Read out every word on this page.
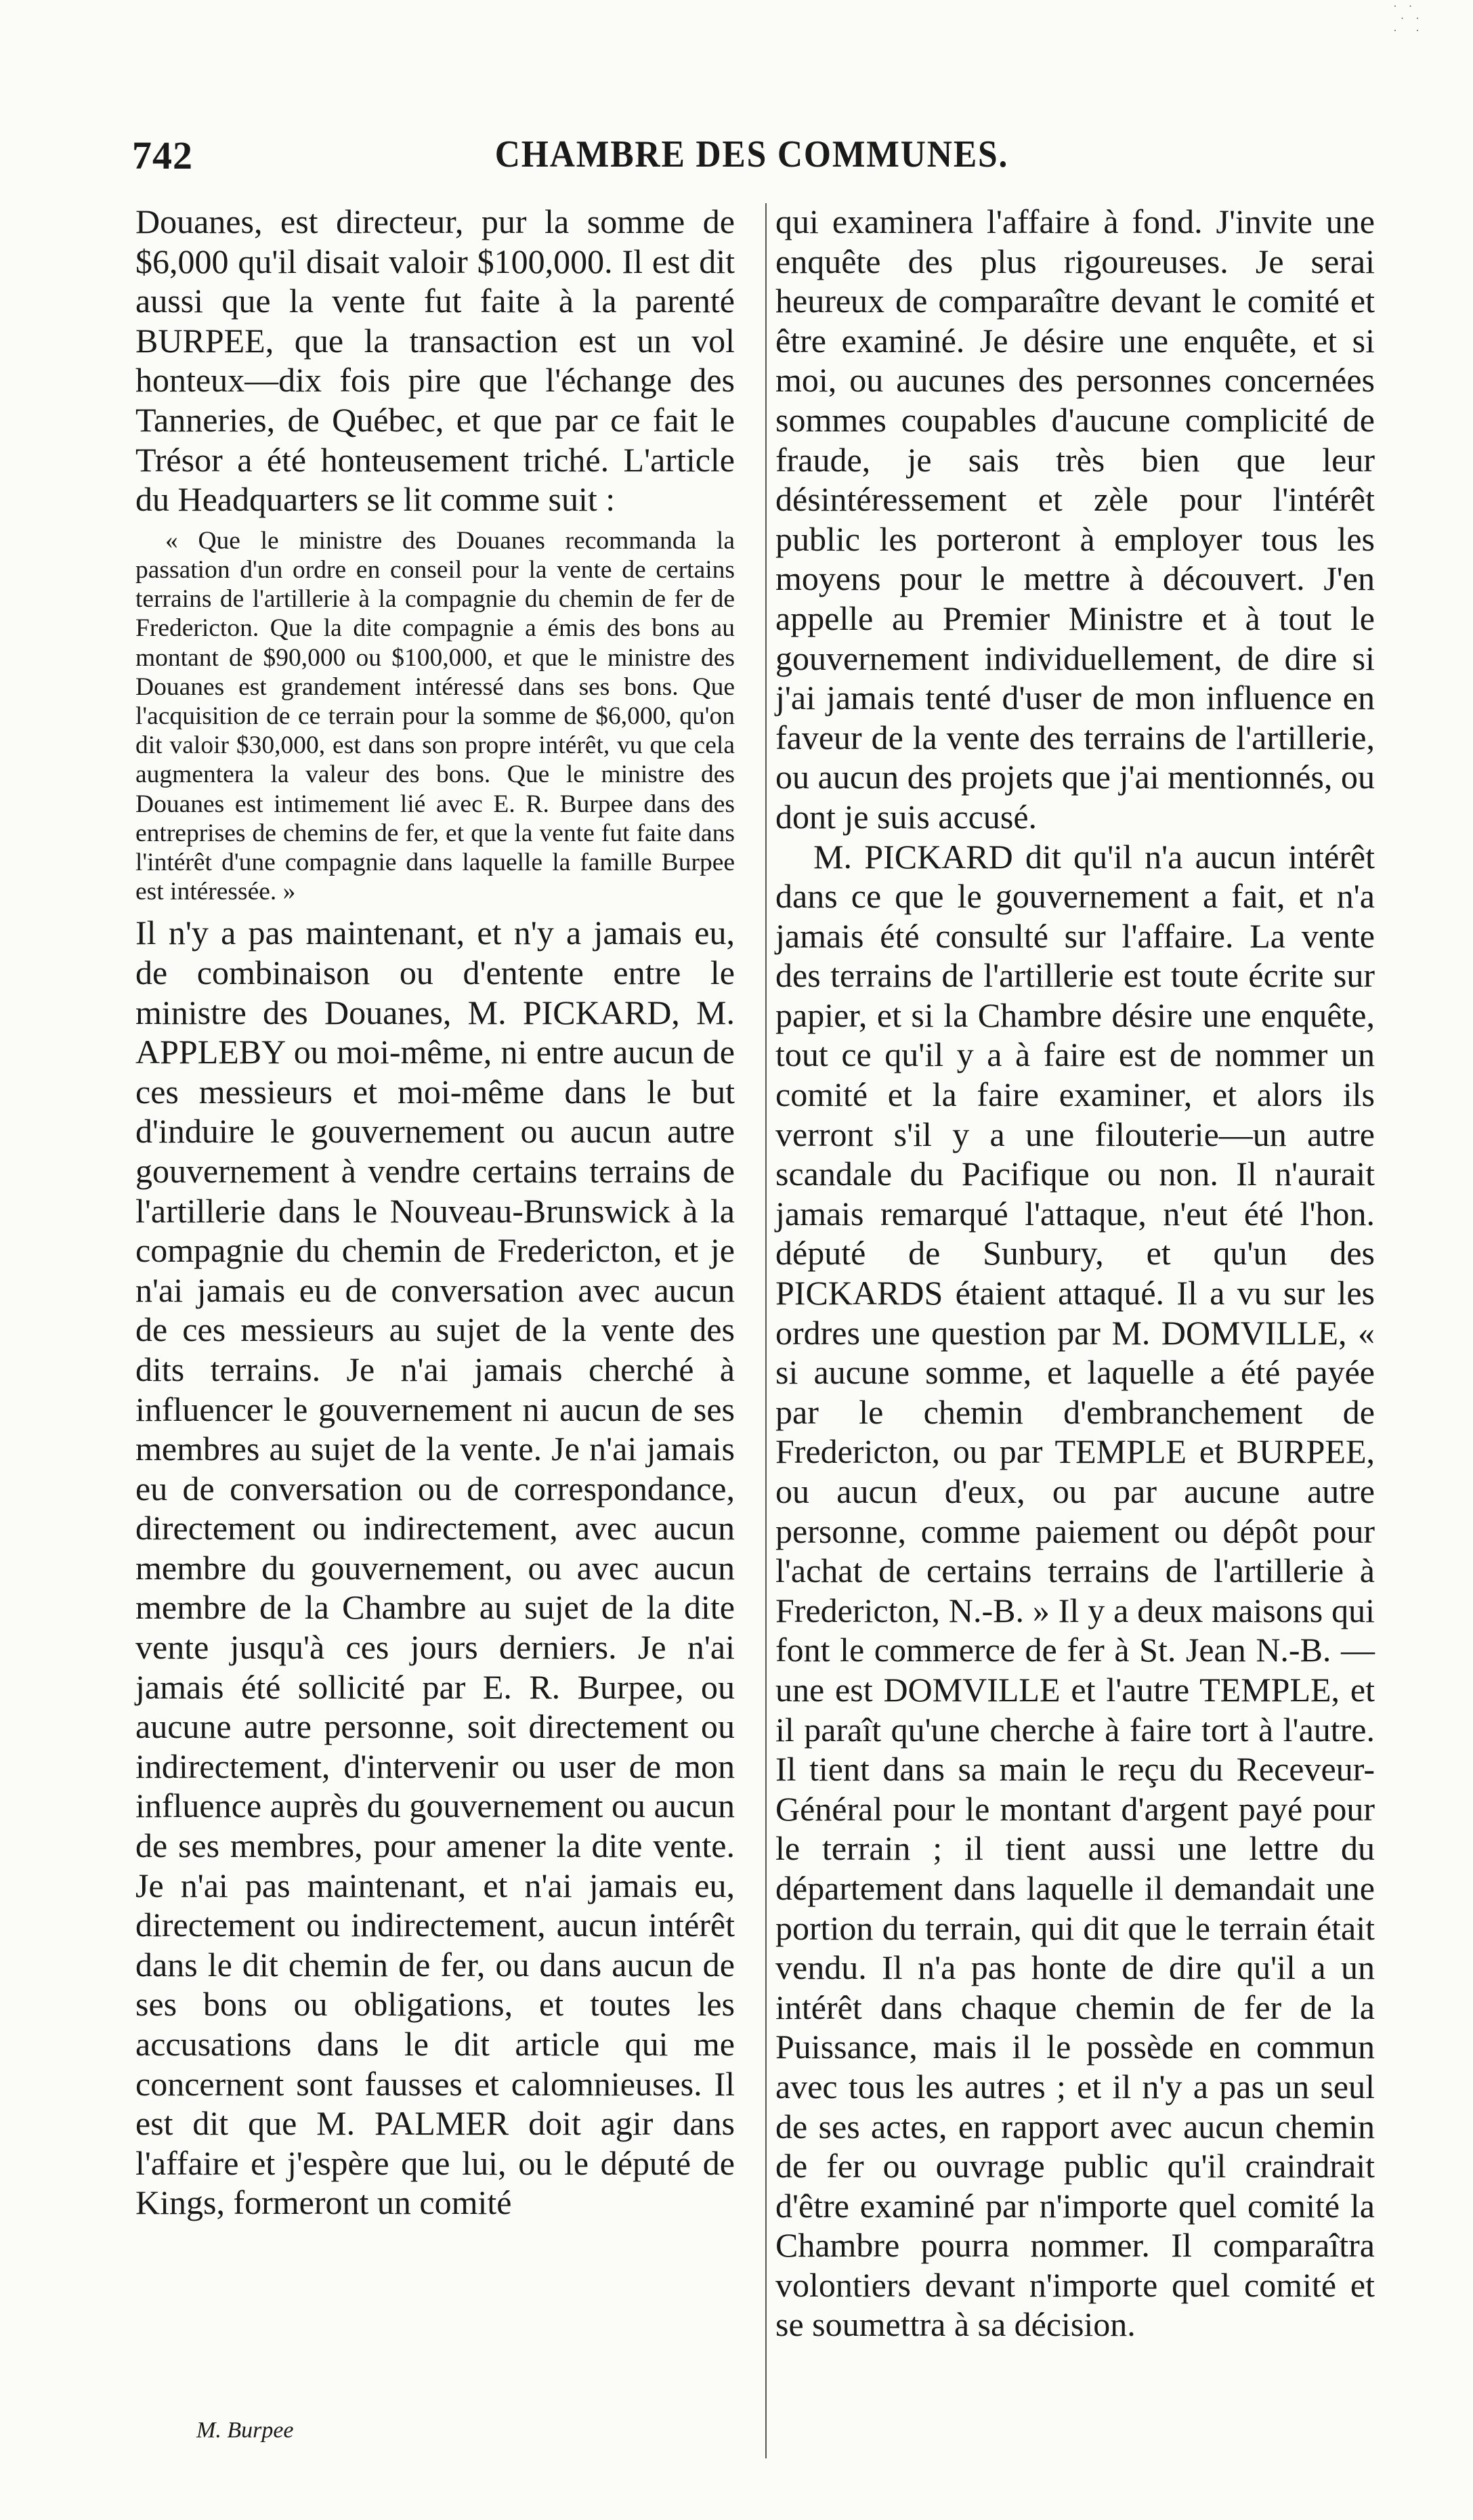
742	CHAMBRE DES COMMUNES.
· ·
· ·
·  ·

Douanes, est directeur, pur la somme de $6,000 qu'il disait valoir $100,000. Il est dit aussi que la vente fut faite à la parenté BURPEE, que la transaction est un vol honteux—dix fois pire que l'échange des Tanneries, de Québec, et que par ce fait le Trésor a été honteusement triché. L'article du Headquarters se lit comme suit :

« Que le ministre des Douanes recommanda la passation d'un ordre en conseil pour la vente de certains terrains de l'artillerie à la compagnie du chemin de fer de Fredericton. Que la dite compagnie a émis des bons au montant de $90,000 ou $100,000, et que le ministre des Douanes est grandement intéressé dans ses bons. Que l'acquisition de ce terrain pour la somme de $6,000, qu'on dit valoir $30,000, est dans son propre intérêt, vu que cela augmentera la valeur des bons. Que le ministre des Douanes est intimement lié avec E. R. Burpee dans des entreprises de chemins de fer, et que la vente fut faite dans l'intérêt d'une compagnie dans laquelle la famille Burpee est intéressée. »

Il n'y a pas maintenant, et n'y a jamais eu, de combinaison ou d'entente entre le ministre des Douanes, M. PICKARD, M. APPLEBY ou moi-même, ni entre aucun de ces messieurs et moi-même dans le but d'induire le gouvernement ou aucun autre gouvernement à vendre certains terrains de l'artillerie dans le Nouveau-Brunswick à la compagnie du chemin de Fredericton, et je n'ai jamais eu de conversation avec aucun de ces messieurs au sujet de la vente des dits terrains. Je n'ai jamais cherché à influencer le gouvernement ni aucun de ses membres au sujet de la vente. Je n'ai jamais eu de conversation ou de correspondance, directement ou indirectement, avec aucun membre du gouvernement, ou avec aucun membre de la Chambre au sujet de la dite vente jusqu'à ces jours derniers. Je n'ai jamais été sollicité par E. R. Burpee, ou aucune autre personne, soit directement ou indirectement, d'intervenir ou user de mon influence auprès du gouvernement ou aucun de ses membres, pour amener la dite vente. Je n'ai pas maintenant, et n'ai jamais eu, directement ou indirectement, aucun intérêt dans le dit chemin de fer, ou dans aucun de ses bons ou obligations, et toutes les accusations dans le dit article qui me concernent sont fausses et calomnieuses. Il est dit que M. PALMER doit agir dans l'affaire et j'espère que lui, ou le député de Kings, formeront un comité

qui examinera l'affaire à fond. J'invite une enquête des plus rigoureuses. Je serai heureux de comparaître devant le comité et être examiné. Je désire une enquête, et si moi, ou aucunes des personnes concernées sommes coupables d'aucune complicité de fraude, je sais très bien que leur désintéressement et zèle pour l'intérêt public les porteront à employer tous les moyens pour le mettre à découvert. J'en appelle au Premier Ministre et à tout le gouvernement individuellement, de dire si j'ai jamais tenté d'user de mon influence en faveur de la vente des terrains de l'artillerie, ou aucun des projets que j'ai mentionnés, ou dont je suis accusé.

M. PICKARD dit qu'il n'a aucun intérêt dans ce que le gouvernement a fait, et n'a jamais été consulté sur l'affaire. La vente des terrains de l'artillerie est toute écrite sur papier, et si la Chambre désire une enquête, tout ce qu'il y a à faire est de nommer un comité et la faire examiner, et alors ils verront s'il y a une filouterie—un autre scandale du Pacifique ou non. Il n'aurait jamais remarqué l'attaque, n'eut été l'hon. député de Sunbury, et qu'un des PICKARDS étaient attaqué. Il a vu sur les ordres une question par M. DOMVILLE, « si aucune somme, et laquelle a été payée par le chemin d'embranchement de Fredericton, ou par TEMPLE et BURPEE, ou aucun d'eux, ou par aucune autre personne, comme paiement ou dépôt pour l'achat de certains terrains de l'artillerie à Fredericton, N.-B. » Il y a deux maisons qui font le commerce de fer à St. Jean N.-B. —une est DOMVILLE et l'autre TEMPLE, et il paraît qu'une cherche à faire tort à l'autre. Il tient dans sa main le reçu du Receveur-Général pour le montant d'argent payé pour le terrain ; il tient aussi une lettre du département dans laquelle il demandait une portion du terrain, qui dit que le terrain était vendu. Il n'a pas honte de dire qu'il a un intérêt dans chaque chemin de fer de la Puissance, mais il le possède en commun avec tous les autres ; et il n'y a pas un seul de ses actes, en rapport avec aucun chemin de fer ou ouvrage public qu'il craindrait d'être examiné par n'importe quel comité la Chambre pourra nommer. Il comparaîtra volontiers devant n'importe quel comité et se soumettra à sa décision.

M. Burpee
